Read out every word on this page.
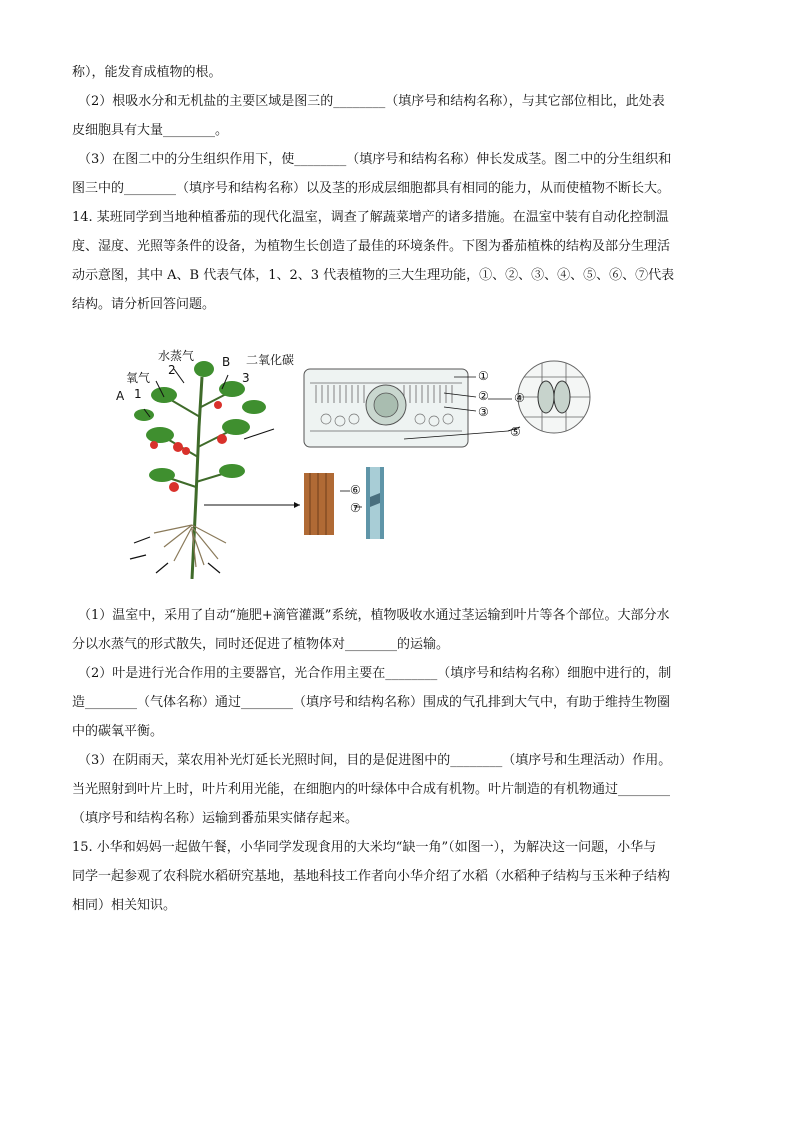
称），能发育成植物的根。
（2）根吸水分和无机盐的主要区域是图三的________（填序号和结构名称），与其它部位相比，此处表
皮细胞具有大量________。
（3）在图二中的分生组织作用下，使________（填序号和结构名称）伸长发成茎。图二中的分生组织和
图三中的________（填序号和结构名称）以及茎的形成层细胞都具有相同的能力，从而使植物不断长大。
14. 某班同学到当地种植番茄的现代化温室，调查了解蔬菜增产的诸多措施。在温室中装有自动化控制温
度、湿度、光照等条件的设备，为植物生长创造了最佳的环境条件。下图为番茄植株的结构及部分生理活
动示意图，其中 A、B 代表气体，1、2、3 代表植物的三大生理功能，①、②、③、④、⑤、⑥、⑦代表
结构。请分析回答问题。
水蒸气
氧气
B 二氧化碳
A 1
2
3	①
②
③
④
⑤
⑥
⑦
（1）温室中，采用了自动“施肥+滴管灌溉”系统，植物吸收水通过茎运输到叶片等各个部位。大部分水
分以水蒸气的形式散失，同时还促进了植物体对________的运输。
（2）叶是进行光合作用的主要器官，光合作用主要在________（填序号和结构名称）细胞中进行的，制
造________（气体名称）通过________（填序号和结构名称）围成的气孔排到大气中，有助于维持生物圈
中的碳氧平衡。
（3）在阴雨天，菜农用补光灯延长光照时间，目的是促进图中的________（填序号和生理活动）作用。
当光照射到叶片上时，叶片利用光能，在细胞内的叶绿体中合成有机物。叶片制造的有机物通过________
（填序号和结构名称）运输到番茄果实储存起来。
15. 小华和妈妈一起做午餐，小华同学发现食用的大米均“缺一角”（如图一），为解决这一问题，小华与
同学一起参观了农科院水稻研究基地，基地科技工作者向小华介绍了水稻（水稻种子结构与玉米种子结构
相同）相关知识。
